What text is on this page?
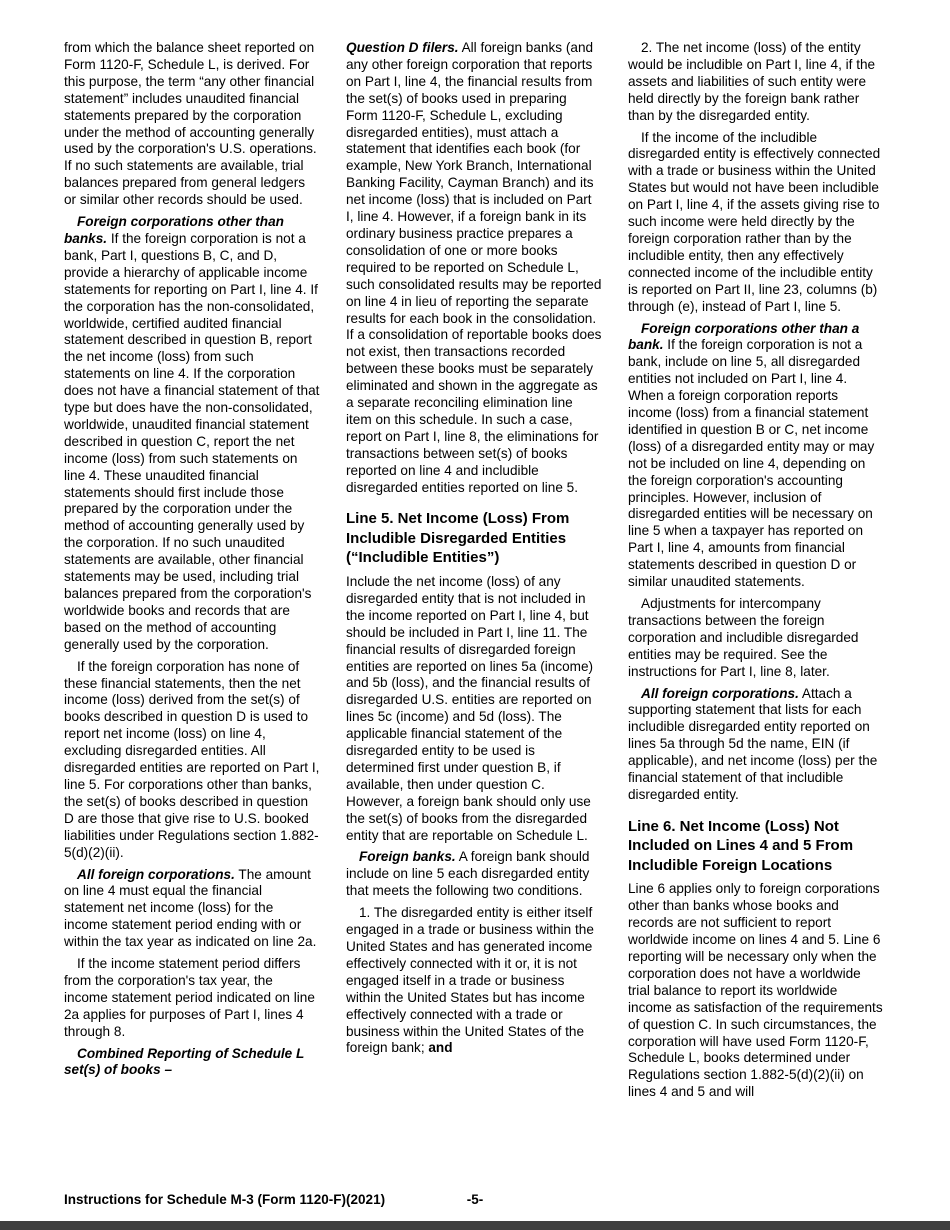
from which the balance sheet reported on Form 1120-F, Schedule L, is derived. For this purpose, the term “any other financial statement” includes unaudited financial statements prepared by the corporation under the method of accounting generally used by the corporation's U.S. operations. If no such statements are available, trial balances prepared from general ledgers or similar other records should be used.

Foreign corporations other than banks. If the foreign corporation is not a bank, Part I, questions B, C, and D, provide a hierarchy of applicable income statements for reporting on Part I, line 4. If the corporation has the non-consolidated, worldwide, certified audited financial statement described in question B, report the net income (loss) from such statements on line 4. If the corporation does not have a financial statement of that type but does have the non-consolidated, worldwide, unaudited financial statement described in question C, report the net income (loss) from such statements on line 4. These unaudited financial statements should first include those prepared by the corporation under the method of accounting generally used by the corporation. If no such unaudited statements are available, other financial statements may be used, including trial balances prepared from the corporation's worldwide books and records that are based on the method of accounting generally used by the corporation.

If the foreign corporation has none of these financial statements, then the net income (loss) derived from the set(s) of books described in question D is used to report net income (loss) on line 4, excluding disregarded entities. All disregarded entities are reported on Part I, line 5. For corporations other than banks, the set(s) of books described in question D are those that give rise to U.S. booked liabilities under Regulations section 1.882-5(d)(2)(ii).

All foreign corporations. The amount on line 4 must equal the financial statement net income (loss) for the income statement period ending with or within the tax year as indicated on line 2a.

If the income statement period differs from the corporation's tax year, the income statement period indicated on line 2a applies for purposes of Part I, lines 4 through 8.

Combined Reporting of Schedule L set(s) of books –

Question D filers. All foreign banks (and any other foreign corporation that reports on Part I, line 4, the financial results from the set(s) of books used in preparing Form 1120-F, Schedule L, excluding disregarded entities), must attach a statement that identifies each book (for example, New York Branch, International Banking Facility, Cayman Branch) and its net income (loss) that is included on Part I, line 4. However, if a foreign bank in its ordinary business practice prepares a consolidation of one or more books required to be reported on Schedule L, such consolidated results may be reported on line 4 in lieu of reporting the separate results for each book in the consolidation. If a consolidation of reportable books does not exist, then transactions recorded between these books must be separately eliminated and shown in the aggregate as a separate reconciling elimination line item on this schedule. In such a case, report on Part I, line 8, the eliminations for transactions between set(s) of books reported on line 4 and includible disregarded entities reported on line 5.

Line 5. Net Income (Loss) From Includible Disregarded Entities (“Includible Entities”)

Include the net income (loss) of any disregarded entity that is not included in the income reported on Part I, line 4, but should be included in Part I, line 11. The financial results of disregarded foreign entities are reported on lines 5a (income) and 5b (loss), and the financial results of disregarded U.S. entities are reported on lines 5c (income) and 5d (loss). The applicable financial statement of the disregarded entity to be used is determined first under question B, if available, then under question C. However, a foreign bank should only use the set(s) of books from the disregarded entity that are reportable on Schedule L.

Foreign banks. A foreign bank should include on line 5 each disregarded entity that meets the following two conditions.

1. The disregarded entity is either itself engaged in a trade or business within the United States and has generated income effectively connected with it or, it is not engaged itself in a trade or business within the United States but has income effectively connected with a trade or business within the United States of the foreign bank; and

2. The net income (loss) of the entity would be includible on Part I, line 4, if the assets and liabilities of such entity were held directly by the foreign bank rather than by the disregarded entity.

If the income of the includible disregarded entity is effectively connected with a trade or business within the United States but would not have been includible on Part I, line 4, if the assets giving rise to such income were held directly by the foreign corporation rather than by the includible entity, then any effectively connected income of the includible entity is reported on Part II, line 23, columns (b) through (e), instead of Part I, line 5.

Foreign corporations other than a bank. If the foreign corporation is not a bank, include on line 5, all disregarded entities not included on Part I, line 4. When a foreign corporation reports income (loss) from a financial statement identified in question B or C, net income (loss) of a disregarded entity may or may not be included on line 4, depending on the foreign corporation's accounting principles. However, inclusion of disregarded entities will be necessary on line 5 when a taxpayer has reported on Part I, line 4, amounts from financial statements described in question D or similar unaudited statements.

Adjustments for intercompany transactions between the foreign corporation and includible disregarded entities may be required. See the instructions for Part I, line 8, later.

All foreign corporations. Attach a supporting statement that lists for each includible disregarded entity reported on lines 5a through 5d the name, EIN (if applicable), and net income (loss) per the financial statement of that includible disregarded entity.

Line 6. Net Income (Loss) Not Included on Lines 4 and 5 From Includible Foreign Locations

Line 6 applies only to foreign corporations other than banks whose books and records are not sufficient to report worldwide income on lines 4 and 5. Line 6 reporting will be necessary only when the corporation does not have a worldwide trial balance to report its worldwide income as satisfaction of the requirements of question C. In such circumstances, the corporation will have used Form 1120-F, Schedule L, books determined under Regulations section 1.882-5(d)(2)(ii) on lines 4 and 5 and will

Instructions for Schedule M-3 (Form 1120-F)(2021)	-5-
